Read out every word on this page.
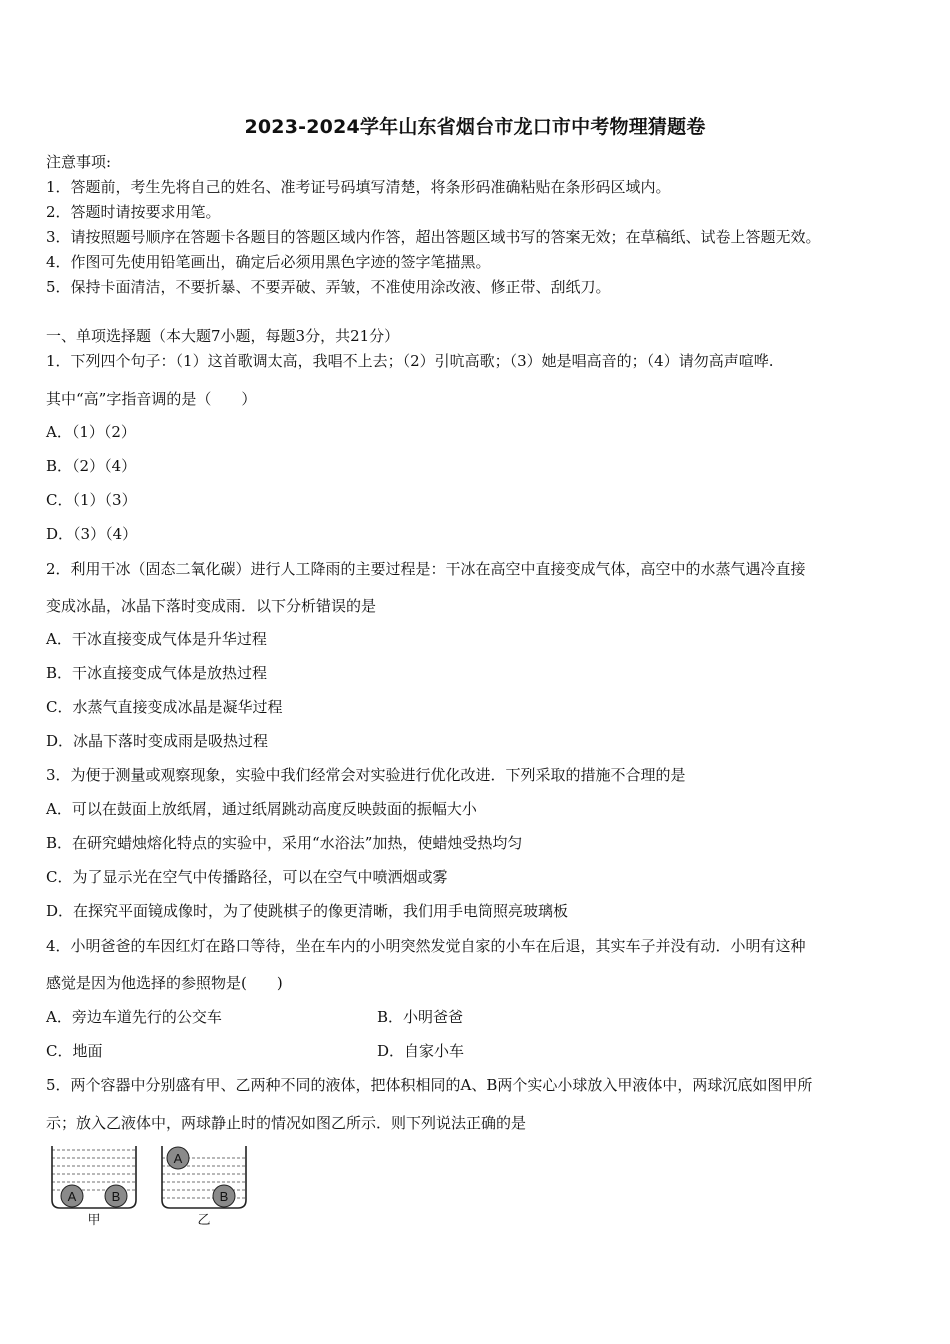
2023-2024学年山东省烟台市龙口市中考物理猜题卷
注意事项:
1．答题前，考生先将自己的姓名、准考证号码填写清楚，将条形码准确粘贴在条形码区域内。
2．答题时请按要求用笔。
3．请按照题号顺序在答题卡各题目的答题区域内作答，超出答题区域书写的答案无效；在草稿纸、试卷上答题无效。
4．作图可先使用铅笔画出，确定后必须用黑色字迹的签字笔描黑。
5．保持卡面清洁，不要折暴、不要弄破、弄皱，不准使用涂改液、修正带、刮纸刀。
一、单项选择题（本大题7小题，每题3分，共21分）
1．下列四个句子：（1）这首歌调太高，我唱不上去；（2）引吭高歌；（3）她是唱高音的；（4）请勿高声喧哗.
其中“高”字指音调的是（　　）
A．（1）（2）
B．（2）（4）
C．（1）（3）
D．（3）（4）
2．利用干冰（固态二氧化碳）进行人工降雨的主要过程是：干冰在高空中直接变成气体，高空中的水蒸气遇冷直接
变成冰晶，冰晶下落时变成雨．以下分析错误的是
A．干冰直接变成气体是升华过程
B．干冰直接变成气体是放热过程
C．水蒸气直接变成冰晶是凝华过程
D．冰晶下落时变成雨是吸热过程
3．为便于测量或观察现象，实验中我们经常会对实验进行优化改进．下列采取的措施不合理的是
A．可以在鼓面上放纸屑，通过纸屑跳动高度反映鼓面的振幅大小
B．在研究蜡烛熔化特点的实验中，采用“水浴法”加热，使蜡烛受热均匀
C．为了显示光在空气中传播路径，可以在空气中喷洒烟或雾
D．在探究平面镜成像时，为了使跳棋子的像更清晰，我们用手电筒照亮玻璃板
4．小明爸爸的车因红灯在路口等待，坐在车内的小明突然发觉自家的小车在后退，其实车子并没有动．小明有这种
感觉是因为他选择的参照物是(　　)
A．旁边车道先行的公交车	B．小明爸爸
C．地面	D．自家小车
5．两个容器中分别盛有甲、乙两种不同的液体，把体积相同的A、B两个实心小球放入甲液体中，两球沉底如图甲所
示；放入乙液体中，两球静止时的情况如图乙所示．则下列说法正确的是
A	B
甲
A
B
乙
